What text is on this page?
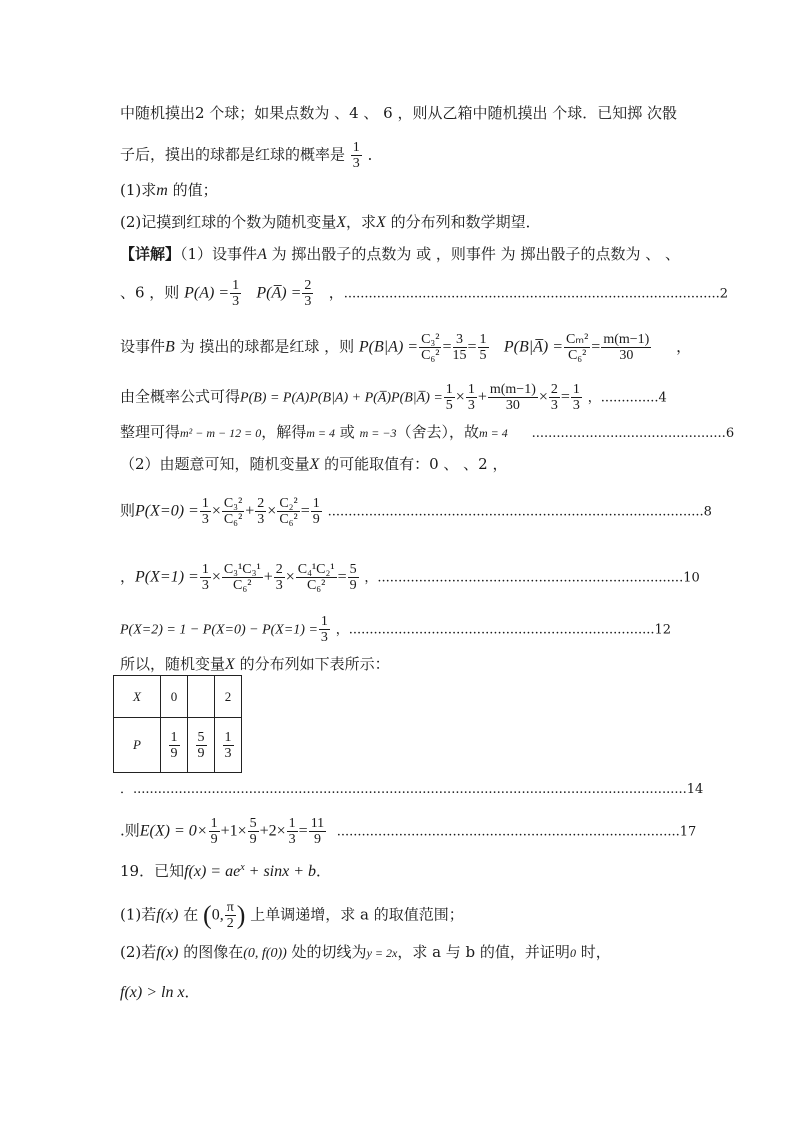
中随机摸出2 个球；如果点数为 、4 、 6 ，则从乙箱中随机摸出 个球．已知掷 次骰
子后，摸出的球都是红球的概率是 $\frac{1}{3}$ ．
(1)求m 的值；
(2)记摸到红球的个数为随机变量X，求X 的分布列和数学期望．
【详解】（1）设事件A 为 掷出骰子的点数为 或 ，则事件 为 掷出骰子的点数为 、 、
、6 ，则 $P(A) = \frac{1}{3}$ P(A̅) = $\frac{2}{3}$ ，...........................................................................................2
设事件B 为 摸出的球都是红球 ，则 $P(B|A) = \frac{\text{C₃²}}{\text{C₆²}} = \frac{3}{15} = \frac{1}{5}$ P(B|A̅) = $\frac{\text{Cₘ²}}{\text{C₆²}} = \frac{m(m-1)}{30}$ ，
由全概率公式可得P(B) = P(A)P(B|A) + P(A̅)P(B|A̅) = $\frac{1}{5} \times \frac{1}{3} + \frac{m(m-1)}{30} \times \frac{2}{3} = \frac{1}{3}$ ，..............4
整理可得m² − m − 12 = 0，解得m = 4 或 m = −3（舍去），故m = 4 ...............................................6
（2）由题意可知，随机变量X 的可能取值有：0 、 、2 ，
则$P(X=0) = \frac{1}{3} \times \frac{\text{C₃²}}{\text{C₆²}} + \frac{2}{3} \times \frac{\text{C₂²}}{\text{C₆²}} = \frac{1}{9} ...........................................................................................8$
，$P(X=1) = \frac{1}{3} \times \frac{\text{C₃¹C₃¹}}{\text{C₆²}} + \frac{2}{3} \times \frac{\text{C₄¹C₂¹}}{\text{C₆²}} = \frac{5}{9}$ ，..........................................................................10
$P(X=2) = 1 - P(X=0) - P(X=1) = \frac{1}{3}$ ，..........................................................................12
所以，随机变量X 的分布列如下表所示：
X	0		2
P	$\frac{1}{9}$	$\frac{5}{9}$	$\frac{1}{3}$
．......................................................................................................................................14
.则$E(X) = 0\times \frac{1}{9} +1\times \frac{5}{9} +2\times \frac{1}{3} = \frac{11}{9} ...................................................................................17$
19．已知$f(x) = ae^x + \sin x + b$．
(1)若f(x) 在 (0, $\frac{\pi}{2}$ ) 上单调递增，求 a 的取值范围；
(2)若f(x) 的图像在(0, f(0)) 处的切线为y = 2x，求 a 与 b 的值，并证明0 时，
f(x) > ln x．
